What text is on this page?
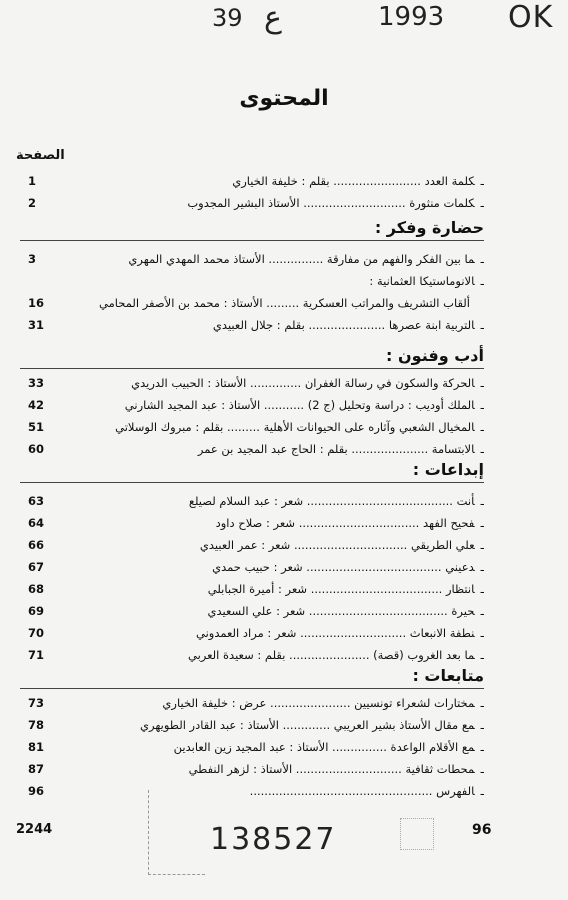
39 ع	1993 OK
المحتوى
الصفحة
1	ـكلمة العدد ........................ بقلم : خليفة الخياري
2	ـكلمات منثورة ............................ الأستاذ البشير المجدوب
حضارة وفكر :
3	ـما بين الفكر والفهم من مفارقة ............... الأستاذ محمد المهدي المهري
ـالانوماستيكا العثمانية :
16	ألقاب التشريف والمراتب العسكرية ......... الأستاذ : محمد بن الأصفر المحامي
31	ـالتربية ابنة عصرها ..................... بقلم : جلال العبيدي
أدب وفنون :
33	ـالحركة والسكون في رسالة الغفران .............. الأستاذ : الحبيب الدريدي
42	ـالملك أوديب : دراسة وتحليل (ج 2) ........... الأستاذ : عبد المجيد الشارني
51	ـالمخيال الشعبي وآثاره على الحيوانات الأهلية ......... بقلم : مبروك الوسلاتي
60	ـالابتسامة ..................... بقلم : الحاج عبد المجيد بن عمر
إبداعات :
63	ـأنت ........................................ شعر : عبد السلام لصيلع
64	ـفحيح الفهد ................................. شعر : صلاح داود
66	ـعلي الطريقي ............................... شعر : عمر العبيدي
67	ـدعيني ..................................... شعر : حبيب حمدي
68	ـانتظار .................................... شعر : أميرة الجبابلي
69	ـحيرة ...................................... شعر : علي السعيدي
70	ـنطفة الانبعاث ............................. شعر : مراد العمدوني
71	ـما بعد الغروب (قصة) ...................... بقلم : سعيدة العربي
متابعات :
73	ـمختارات لشعراء تونسيين ...................... عرض : خليفة الخياري
78	ـمع مقال الأستاذ بشير العريبي ............. الأستاذ : عبد القادر الطويهري
81	ـمع الأقلام الواعدة ............... الأستاذ : عبد المجيد زين العابدين
87	ـمحطات ثقافية ............................. الأستاذ : لزهر النفطي
96	ـالفهرس ..................................................
138527
2244	96
